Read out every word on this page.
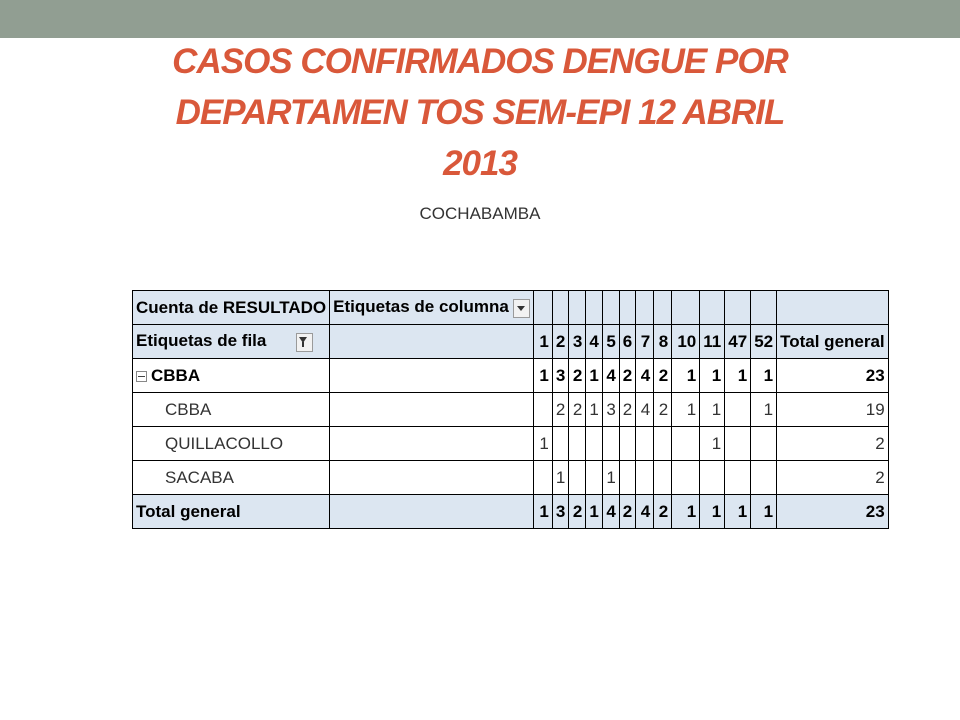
CASOS CONFIRMADOS DENGUE POR
DEPARTAMEN TOS SEM-EPI 12 ABRIL
2013
COCHABAMBA
Cuenta de RESULTADO	Etiquetas de columna													
Etiquetas de fila		1	2	3	4	5	6	7	8	10	11	47	52	Total general
CBBA		1	3	2	1	4	2	4	2	1	1	1	1	23
CBBA			2	2	1	3	2	4	2	1	1		1	19
QUILLACOLLO		1									1			2
SACABA			1			1								2
Total general		1	3	2	1	4	2	4	2	1	1	1	1	23
